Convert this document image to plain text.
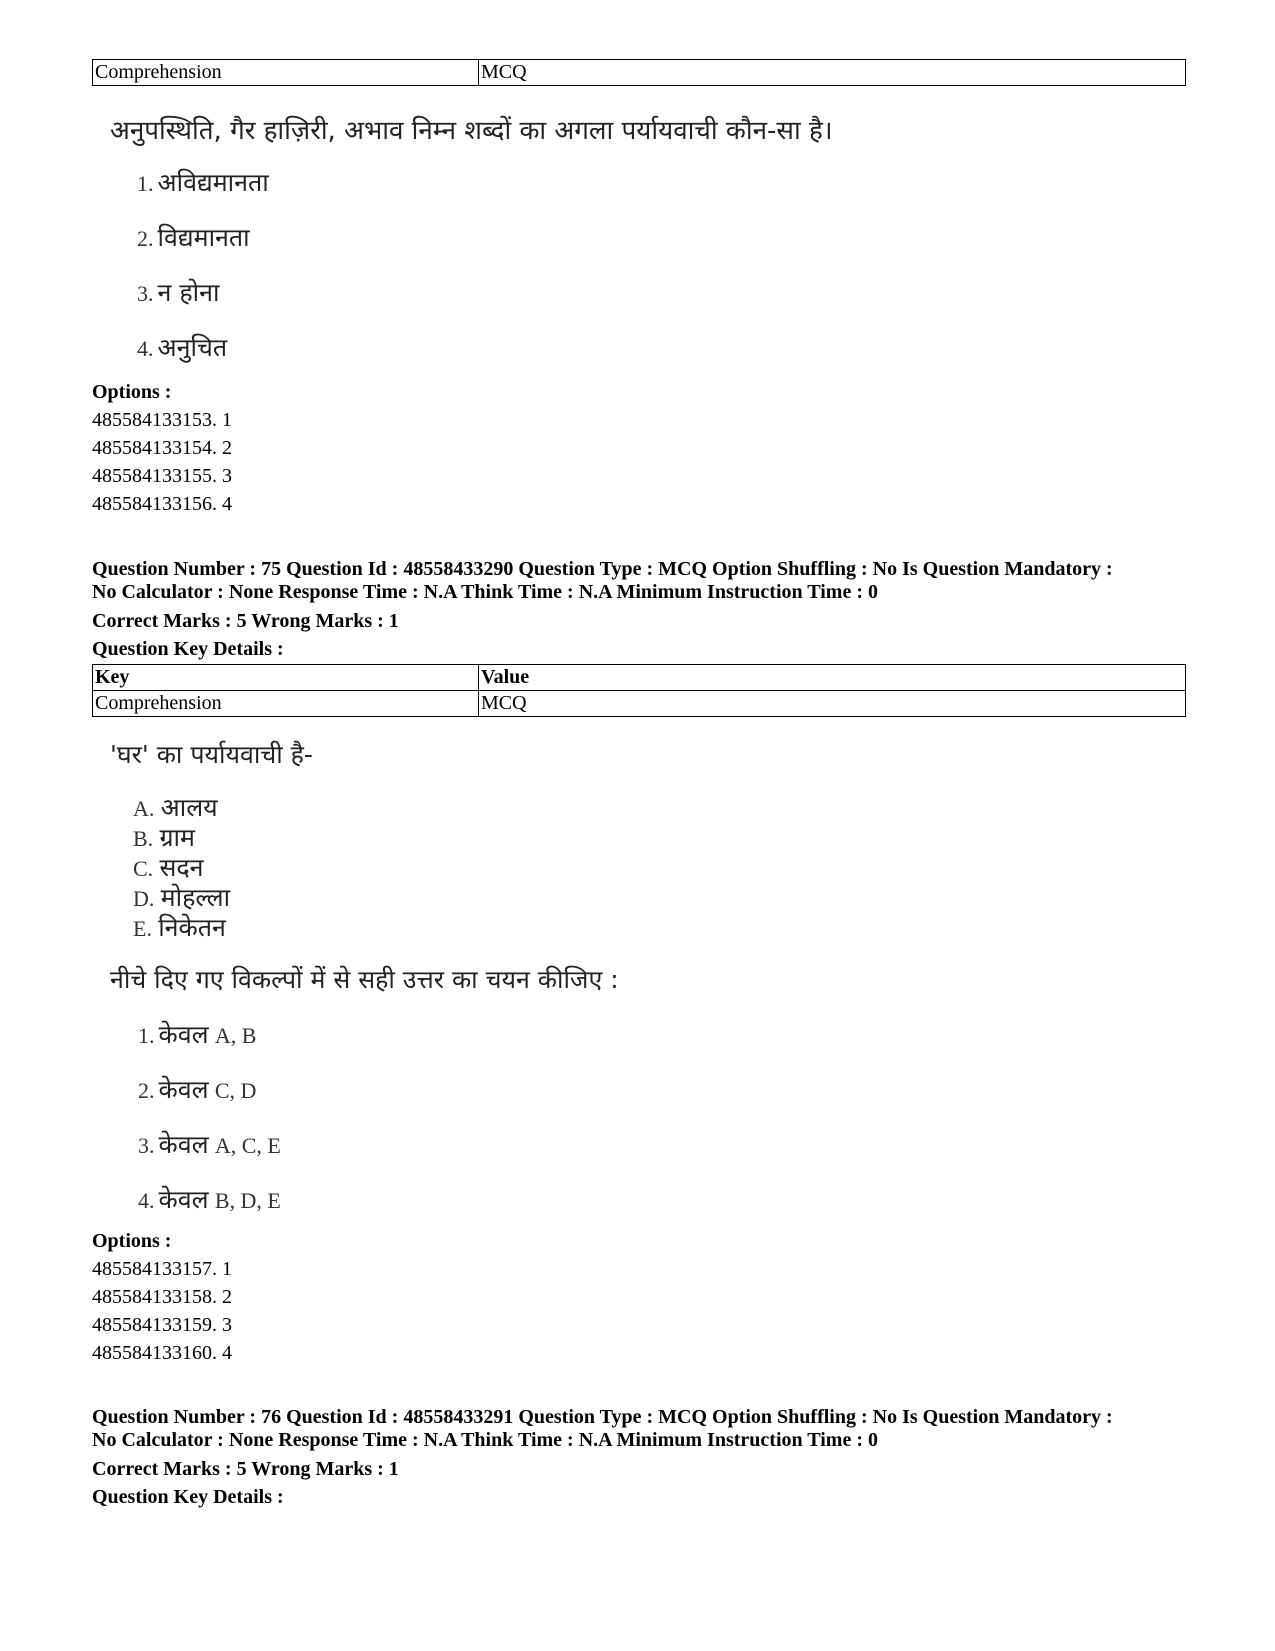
Comprehension	MCQ
अनुपस्थिति, गैर हाज़िरी, अभाव निम्न शब्दों का अगला पर्यायवाची कौन-सा है।
1. अविद्यमानता
2. विद्यमानता
3. न होना
4. अनुचित
Options :
485584133153. 1
485584133154. 2
485584133155. 3
485584133156. 4
Question Number : 75 Question Id : 48558433290 Question Type : MCQ Option Shuffling : No Is Question Mandatory :
No Calculator : None Response Time : N.A Think Time : N.A Minimum Instruction Time : 0
Correct Marks : 5 Wrong Marks : 1
Question Key Details :
Key	Value
Comprehension	MCQ
'घर' का पर्यायवाची है-
A. आलय
B. ग्राम
C. सदन
D. मोहल्ला
E. निकेतन
नीचे दिए गए विकल्पों में से सही उत्तर का चयन कीजिए :
1. केवल A, B
2. केवल C, D
3. केवल A, C, E
4. केवल B, D, E
Options :
485584133157. 1
485584133158. 2
485584133159. 3
485584133160. 4
Question Number : 76 Question Id : 48558433291 Question Type : MCQ Option Shuffling : No Is Question Mandatory :
No Calculator : None Response Time : N.A Think Time : N.A Minimum Instruction Time : 0
Correct Marks : 5 Wrong Marks : 1
Question Key Details :
